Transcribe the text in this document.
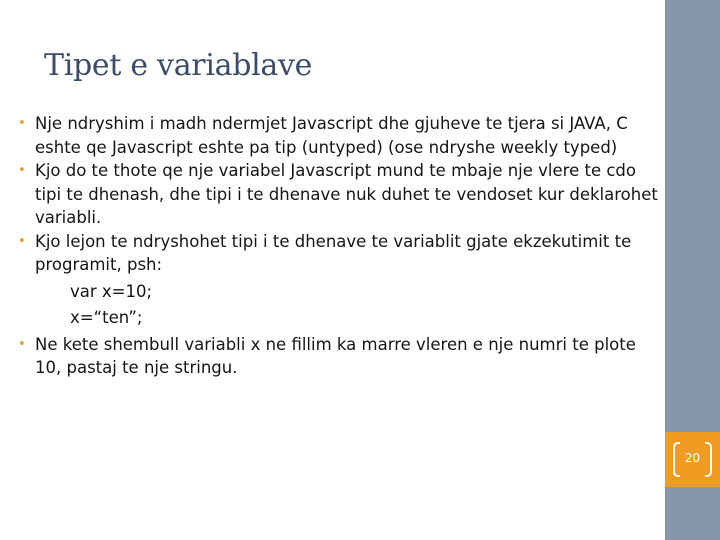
Tipet e variablave

• Nje ndryshim i madh ndermjet Javascript dhe gjuheve te tjera si JAVA, C eshte qe Javascript eshte pa tip (untyped) (ose ndryshe weekly typed)

• Kjo do te thote qe nje variabel Javascript mund te mbaje nje vlere te cdo tipi te dhenash, dhe tipi i te dhenave nuk duhet te vendoset kur deklarohet variabli.

• Kjo lejon te ndryshohet tipi i te dhenave te variablit gjate ekzekutimit te programit, psh:

var x=10;

x=“ten”;

• Ne kete shembull variabli x ne fillim ka marre vleren e nje numri te plote 10, pastaj te nje stringu.

20
